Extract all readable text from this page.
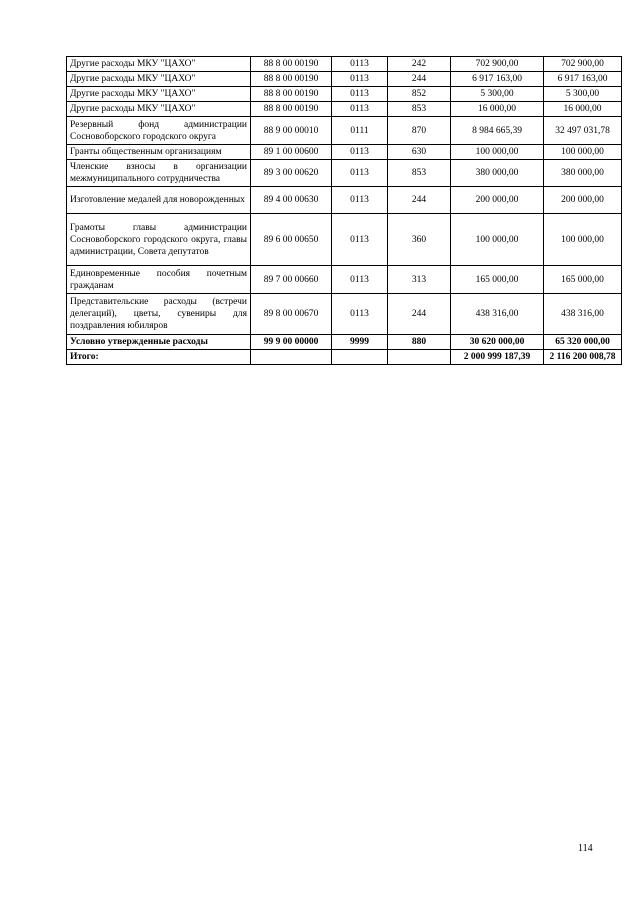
Другие расходы МКУ "ЦАХО"	88 8 00 00190	0113	242	702 900,00	702 900,00
Другие расходы МКУ "ЦАХО"	88 8 00 00190	0113	244	6 917 163,00	6 917 163,00
Другие расходы МКУ "ЦАХО"	88 8 00 00190	0113	852	5 300,00	5 300,00
Другие расходы МКУ "ЦАХО"	88 8 00 00190	0113	853	16 000,00	16 000,00
Резервный фонд администрации Сосновоборского городского округа	88 9 00 00010	0111	870	8 984 665,39	32 497 031,78
Гранты общественным организациям	89 1 00 00600	0113	630	100 000,00	100 000,00
Членские взносы в организации межмуниципального сотрудничества	89 3 00 00620	0113	853	380 000,00	380 000,00
Изготовление медалей для новорожденных	89 4 00 00630	0113	244	200 000,00	200 000,00
Грамоты главы администрации Сосновоборского городского округа, главы администрации, Совета депутатов	89 6 00 00650	0113	360	100 000,00	100 000,00
Единовременные пособия почетным гражданам	89 7 00 00660	0113	313	165 000,00	165 000,00
Представительские расходы (встречи делегаций), цветы, сувениры для поздравления юбиляров	89 8 00 00670	0113	244	438 316,00	438 316,00
Условно утвержденные расходы	99 9 00 00000	9999	880	30 620 000,00	65 320 000,00
Итого:				2 000 999 187,39	2 116 200 008,78
114
